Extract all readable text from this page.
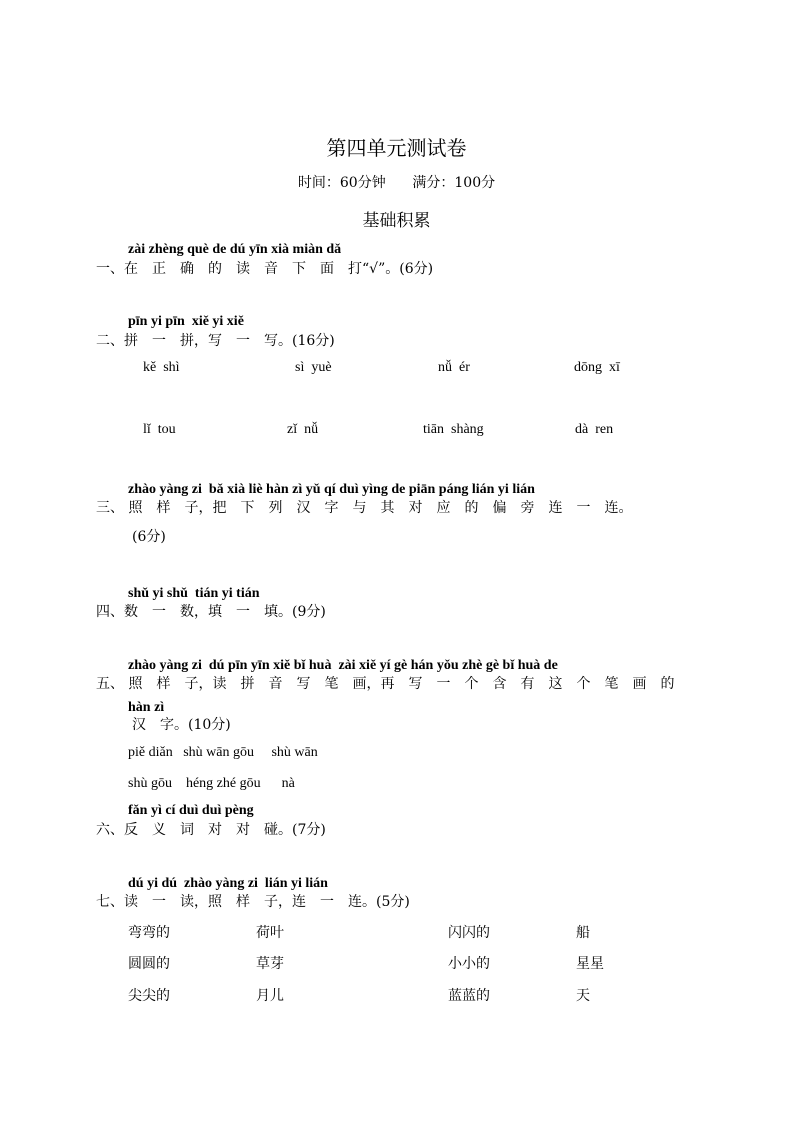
第四单元测试卷
时间：60分钟      满分：100分
基础积累
zài zhèng què de dú yīn xià miàn dǎ
一、在　正　确　的　读　音　下　面　打“√”。(6分)
pīn yi pīn  xiě yi xiě
二、拼　一　拼，写　一　写。(16分)
kě  shì	sì  yuè	nǚ  ér	dōng  xī
lǐ  tou	zǐ  nǚ	tiān  shàng	dà  ren
zhào yàng zi  bǎ xià liè hàn zì yǔ qí duì yìng de piān páng lián yi lián
三、 照　样　子，把　下　列　汉　字　与　其　对　应　的　偏　旁　连　一　连。
(6分)
shǔ yi shǔ  tián yi tián
四、数　一　数，填　一　填。(9分)
zhào yàng zi  dú pīn yīn xiě bǐ huà  zài xiě yí gè hán yǒu zhè gè bǐ huà de
五、 照　样　子，读　拼　音　写　笔　画，再　写　一　个　含　有　这　个　笔　画　的
hàn zì
汉　字。(10分)
piě diǎn   shù wān gōu     shù wān
shù gōu    héng zhé gōu      nà
fǎn yì cí duì duì pèng
六、反　义　词　对　对　碰。(7分)
dú yi dú  zhào yàng zi  lián yi lián
七、读　一　读，照　样　子，连　一　连。(5分)
弯弯的	荷叶	闪闪的	船
圆圆的	草芽	小小的	星星
尖尖的	月儿	蓝蓝的	天
